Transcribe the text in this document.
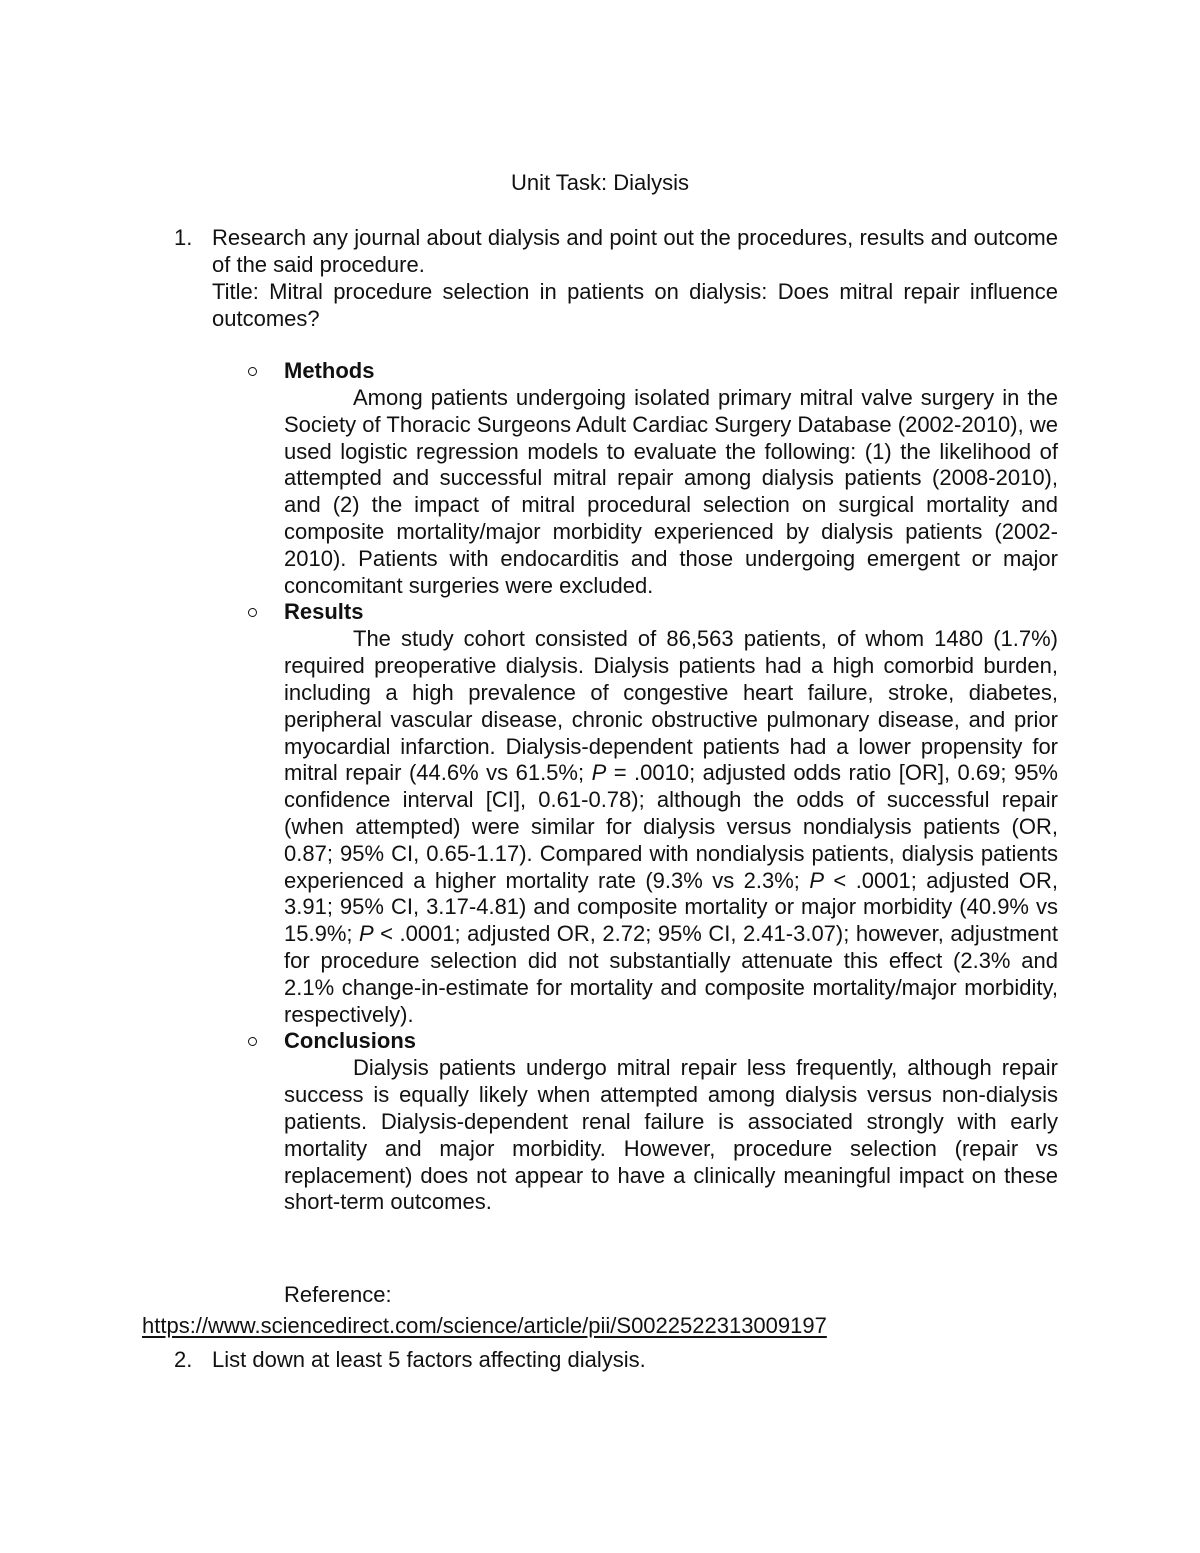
Unit Task: Dialysis
1. Research any journal about dialysis and point out the procedures, results and outcome of the said procedure.
Title: Mitral procedure selection in patients on dialysis: Does mitral repair influence outcomes?
Methods
Among patients undergoing isolated primary mitral valve surgery in the Society of Thoracic Surgeons Adult Cardiac Surgery Database (2002-2010), we used logistic regression models to evaluate the following: (1) the likelihood of attempted and successful mitral repair among dialysis patients (2008-2010), and (2) the impact of mitral procedural selection on surgical mortality and composite mortality/major morbidity experienced by dialysis patients (2002-2010). Patients with endocarditis and those undergoing emergent or major concomitant surgeries were excluded.
Results
The study cohort consisted of 86,563 patients, of whom 1480 (1.7%) required preoperative dialysis. Dialysis patients had a high comorbid burden, including a high prevalence of congestive heart failure, stroke, diabetes, peripheral vascular disease, chronic obstructive pulmonary disease, and prior myocardial infarction. Dialysis-dependent patients had a lower propensity for mitral repair (44.6% vs 61.5%; P = .0010; adjusted odds ratio [OR], 0.69; 95% confidence interval [CI], 0.61-0.78); although the odds of successful repair (when attempted) were similar for dialysis versus nondialysis patients (OR, 0.87; 95% CI, 0.65-1.17). Compared with nondialysis patients, dialysis patients experienced a higher mortality rate (9.3% vs 2.3%; P < .0001; adjusted OR, 3.91; 95% CI, 3.17-4.81) and composite mortality or major morbidity (40.9% vs 15.9%; P < .0001; adjusted OR, 2.72; 95% CI, 2.41-3.07); however, adjustment for procedure selection did not substantially attenuate this effect (2.3% and 2.1% change-in-estimate for mortality and composite mortality/major morbidity, respectively).
Conclusions
Dialysis patients undergo mitral repair less frequently, although repair success is equally likely when attempted among dialysis versus non-dialysis patients. Dialysis-dependent renal failure is associated strongly with early mortality and major morbidity. However, procedure selection (repair vs replacement) does not appear to have a clinically meaningful impact on these short-term outcomes.
Reference:
https://www.sciencedirect.com/science/article/pii/S0022522313009197
2. List down at least 5 factors affecting dialysis.
